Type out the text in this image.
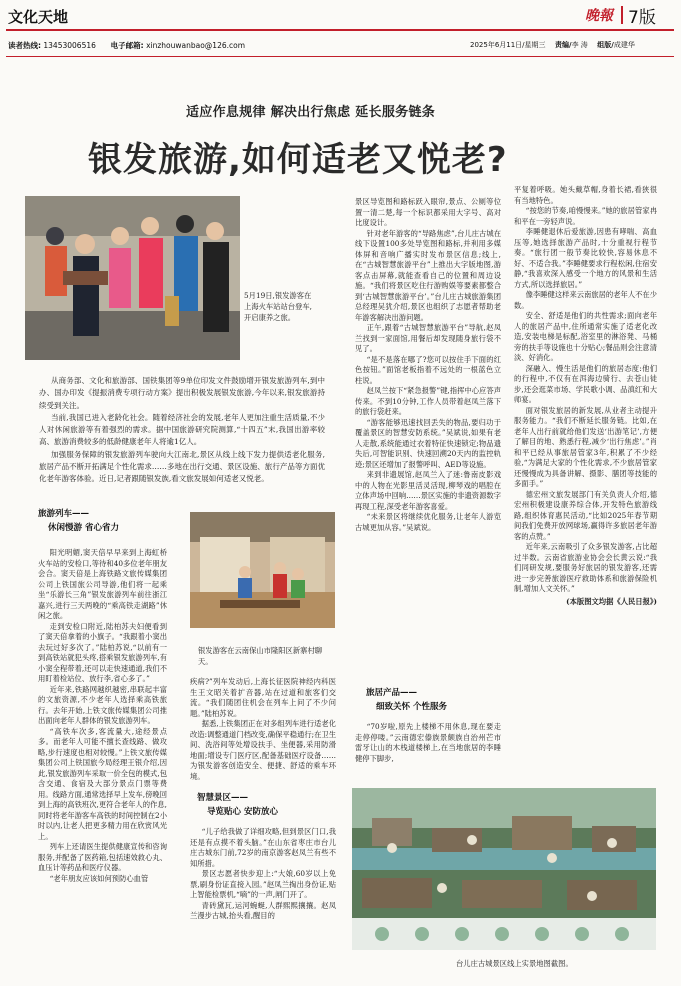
文化天地	晚報 7版
读者热线: 13453006516 电子邮箱: xinzhouwanbao@126.com	2025年6月11日/星期三 责编/李 涛 组版/成建华
适应作息规律 解决出行焦虑 延长服务链条
银发旅游,如何适老又悦老?
5月19日,银发游客在上海火车站站台登车,开启康养之旅。

从商务部、文化和旅游部、国铁集团等9单位印发文件鼓励增开银发旅游列车,到中办、国办印发《提振消费专项行动方案》提出积极发展银发旅游,今年以来,银发旅游持续受到关注。

当前,我国已进入老龄化社会。随着经济社会的发展,老年人更加注重生活质量,不少人对休闲旅游等有着强烈的需求。据中国旅游研究院测算,“十四五”末,我国出游率较高、旅游消费较多的低龄健康老年人将逾1亿人。

加强服务保障的银发旅游列车驶向大江南北,景区从线上线下发力提供适老化服务,旅居产品不断开拓满足个性化需求……多地在出行交通、景区设施、旅行产品等方面优化老年游客体验。近日,记者跟随银发族,看文旅发展如何适老又悦老。

旅游列车——
休闲慢游 省心省力

阳光明媚,窦天倍早早来到上海虹桥火车站的安检口,等待和40多位老年朋友会合。窦天倍是上海铁路文旅传媒集团公司上铁国旅公司导游,他们将一起乘坐“乐游长三角”银发旅游列车前往浙江嘉兴,进行三天两晚的“乘高铁走湖路”休闲之旅。

走到安检口附近,陆柏苏夫妇便看到了窦天倍拿着的小旗子。“我跟着小窦出去玩过好多次了。”陆柏苏说,“以前有一到高铁站就犯头疼,搭乘银发旅游列车,有小窦全程带着,还可以走快速通道,我们不用盯着检站位、放行李,省心多了。”

近年来,铁路网越织越密,串联起丰富的文旅资源,不少老年人选择乘高铁旅行。去年开始,上铁文旅传媒集团公司推出面向老年人群体的银发旅游列车。

“高铁车次多,客流量大,途经景点多。而老年人可能不擅长查线路、做攻略,步行速度也相对较慢。”上铁文旅传媒集团公司上铁国旅今局经理王银介绍,因此,银发旅游列车采取一价全包的模式,包含交通、食宿及大部分景点门票等费用。线路方面,通常选择早上发车,傍晚回到上海的高铁班次,更符合老年人的作息,同时将老年游客车高铁的时间控制在2小时以内,让老人把更多精力用在欣赏风光上。

列车上还请医生提供健康宣传和咨询服务,并配备了医药箱,包括速效救心丸、血压计等药品和医疗仪器。

“老年朋友应该如何预防心血管

银发游客在云南保山市隆阳区新寨村聊天。

疾病?”列车发动后,上海长征医院神经内科医生王文昭关着扩音器,站在过道和旅客们交流。“我们随团住机会在列车上问了不少问题。”陆柏苏说。

据悉,上铁集团正在对多组列车进行适老化改造:调整通道门档改变,确保平稳通行;在卫生间、洗浴间等处增设扶手、坐便器,采用防滑地面;增设专门医疗区,配备基础医疗设备……为银发游客创造安全、便捷、舒适的乘车环境。

智慧景区——
导览贴心 安防放心

“儿子给我做了详细攻略,但到景区门口,我还是有点摸不着头脑。”在山东省枣庄市台儿庄古城东门前,72岁的南京游客赵凤兰有些不知所措。

景区志愿者快步迎上:“大娘,60岁以上免票,刷身份证直接入园。”赵凤兰掏出身份证,贴上智能检票机,“嘀”的一声,闸门开了。

青砖黛瓦,运河蜿蜒,人群熙熙攘攘。赵凤兰漫步古城,抬头看,醒目的

景区导览图和路标跃入眼帘,景点、公厕等位置一清二楚,每一个标识都采用大字号、高对比度设计。

针对老年游客的“导路焦虑”,台儿庄古城在线下设置100多处导览图和路标,并利用多媒体屏和音响广播实时发布景区信息;线上,在“古城智慧旅游平台”上推出大字版地图,游客点击屏幕,就能查看自己的位置和周边设施。“我们将景区吃住行游购娱等要素都整合到‘古城智慧旅游平台’。”台儿庄古城旅游集团总经理吴犹介绍,景区也组织了志愿者帮助老年游客解决出游问题。

正午,跟着“古城智慧旅游平台”导航,赵凤兰找到一家面馆,用餐后却发现随身旅行袋不见了。

“是不是落在哪了?您可以按住手下面的红色按钮。”面馆老板指着不远处的一根蓝色立柱说。

赵凤兰按下“紧急报警”键,指挥中心应答声传来。不到10分钟,工作人员带着赵凤兰落下的旅行袋赶来。

“游客能够迅速找回丢失的物品,要归功于覆盖景区的智慧安防系统。”吴斌说,如果有老人走散,系统能通过衣着特征快速锁定;物品遗失后,可智能识别、快速回溯20天内的监控轨迹;景区还增加了报警呼叫、AED等设施。

来到非遗展馆,赵凤兰入了迷:鲁南皮影戏中的人物在光影里活灵活现,柳琴戏的唱腔在立体声场中回响……景区实施的非遗资源数字再现工程,深受老年游客喜爱。

“未来景区将继续优化服务,让老年人游览古城更加从容。”吴斌说。

旅居产品——
细致关怀 个性服务

“70岁啦,原先上楼梯不用休息,现在要走走停停喽。”云南德宏傣族景颇族自治州芒市雷牙让山的木栈道楼梯上,在当地旅居的李睡健停下脚步,

平复着呼吸。她头戴草帽,身着长裙,看狭很有当地特色。

“按您的节奏,咱慢慢来。”她的旅居管家冉和平在一旁轻声说。

李睡健退休后爱旅游,因患有哮喘、高血压等,她选择旅游产品时,十分重视行程节奏。“旅行团一般节奏比较快,容易休息不好、不适合我。”李睡健要求行程松闲,住宿安静,“我喜欢深入感受一个地方的风景和生活方式,所以选择旅居。”

像李睡健这样来云南旅居的老年人不在少数。

安全、舒适是他们的共性需求;面向老年人的旅居产品中,住所通常实施了适老化改造,安装电梯是标配,浴室里的淋浴凳、马桶旁的扶手等设施也十分贴心;餐品则会注意清淡、好消化。

深融入、慢生活是他们的旅居态度:他们的行程中,不仅有在洱海边骑行、去苍山徒步,还会逛菜市场、学民歌小调、品滇红和大师宴。

面对银发旅居的新发展,从业者主动提升服务能力。“我们不断延长服务链。比如,在老年人出行前就给他们发送‘出游笔记’,方便了解目的地、熟悉行程,减少‘出行焦虑’。”肖和平已经从事旅居管家3年,积累了不少经验,“为满足大家的个性化需求,不少旅居管家还慢慢成为具备讲解、摄影、膳团等技能的多面手。”

德宏州文旅发展部门有关负责人介绍,德宏州积极建设康养综合体,开发特色旅游线路,组织体育惠民活动,“比如2025年春节期间我们免费开放网球场,赢得许多旅居老年游客的点赞。”

近年来,云南吸引了众多银发游客,占比超过半数。云南省旅游业协会会长黄云说:“我们同研发规,要服务好旅居的银发游客,还需进一步完善旅游医疗救助体系和旅游保险机制,增加人文关怀。”

(本版图文均据《人民日报》)

台儿庄古城景区线上实景地图截图。
